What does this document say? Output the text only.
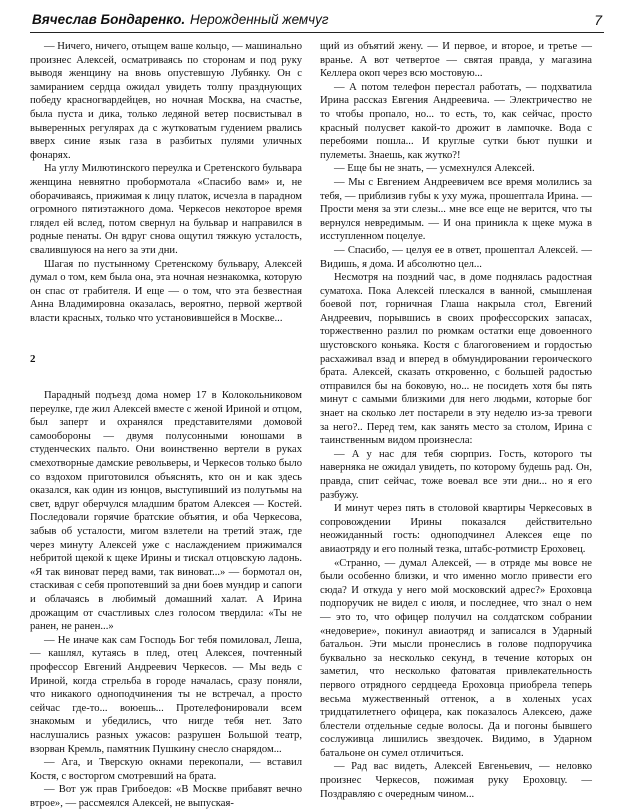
Вячеслав Бондаренко. Нерожденный жемчуг	7

— Ничего, ничего, отыщем ваше кольцо, — машинально произнес Алексей, осматриваясь по сторонам и под руку выводя женщину на вновь опустевшую Лубянку. Он с замиранием сердца ожидал увидеть толпу празднующих победу красногвардейцев, но ночная Москва, на счастье, была пуста и дика, только ледяной ветер посвистывал в выверенных регулярах да с жутковатым гудением рвались вверх синие язык газа в разбитых пулями уличных фонарях.

На углу Милютинского переулка и Сретенского бульвара женщина невнятно пробормотала «Спасибо вам» и, не оборачиваясь, прижимая к лицу платок, исчезла в парадном огромного пятиэтажного дома. Черкесов некоторое время глядел ей вслед, потом свернул на бульвар и направился в родные пенаты. Он вдруг снова ощутил тяжкую усталость, свалившуюся на него за эти дни.

Шагая по пустынному Сретенскому бульвару, Алексей думал о том, кем была она, эта ночная незнакомка, которую он спас от грабителя. И еще — о том, что эта безвестная Анна Владимировна оказалась, вероятно, первой жертвой власти красных, только что установившейся в Москве...

2

Парадный подъезд дома номер 17 в Колокольниковом переулке, где жил Алексей вместе с женой Ириной и отцом, был заперт и охранялся представителями домовой самообороны — двумя полусонными юношами в студенческих пальто. Они воинственно вертели в руках смехотворные дамские револьверы, и Черкесов только было со вздохом приготовился объяснять, кто он и как здесь оказался, как один из юнцов, выступивший из полутьмы на свет, вдруг оберчулся младшим братом Алексея — Костей. Последовали горячие братские объятия, и оба Черкесова, забыв об усталости, мигом взлетели на третий этаж, где через минуту Алексей уже с наслаждением прижимался небритой щекой к щеке Ирины и тискал отцовскую ладонь. «Я так виноват перед вами, так виноват...» — бормотал он, стаскивая с себя пропотевший за дни боев мундир и сапоги и облачаясь в любимый домашний халат. А Ирина дрожащим от счастливых слез голосом твердила: «Ты не ранен, не ранен...»

— Не иначе как сам Господь Бог тебя помиловал, Леша, — кашлял, кутаясь в плед, отец Алексея, почтенный профессор Евгений Андреевич Черкесов. — Мы ведь с Ириной, когда стрельба в городе началась, сразу поняли, что никакого одноподчинения ты не встречал, а просто сейчас где-то... воюешь... Протелефонировали всем знакомым и убедились, что нигде тебя нет. Зато наслушались разных ужасов: разрушен Большой театр, взорван Кремль, памятник Пушкину снесло снарядом...

— Ага, и Тверскую окнами перекопали, — вставил Костя, с восторгом смотревший на брата.

— Вот уж прав Грибоедов: «В Москве прибавят вечно втрое», — рассмеялся Алексей, не выпуская-

щий из объятий жену. — И первое, и второе, и третье — вранье. А вот четвертое — святая правда, у магазина Келлера окоп через всю мостовую...

— А потом телефон перестал работать, — подхватила Ирина рассказ Евгения Андреевича. — Электричество не то чтобы пропало, но... то есть, то, как сейчас, просто красный полусвет какой-то дрожит в лампочке. Вода с перебоями пошла... И круглые сутки бьют пушки и пулеметы. Знаешь, как жутко?!

— Еще бы не знать, — усмехнулся Алексей.

— Мы с Евгением Андреевичем все время молились за тебя, — приблизив губы к уху мужа, прошептала Ирина. — Прости меня за эти слезы... мне все еще не верится, что ты вернулся невредимым. — И она приникла к щеке мужа в исступленном поцелуе.

— Спасибо, — целуя ее в ответ, прошептал Алексей. — Видишь, я дома. И абсолютно цел...

Несмотря на поздний час, в доме поднялась радостная суматоха. Пока Алексей плескался в ванной, смышленая боевой пот, горничная Глаша накрыла стол, Евгений Андреевич, порывшись в своих профессорских запасах, торжественно разлил по рюмкам остатки еще довоенного шустовского коньяка. Костя с благоговением и гордостью расхаживал взад и вперед в обмундировании героического брата. Алексей, сказать откровенно, с большей радостью отправился бы на боковую, но... не посидеть хотя бы пять минут с самыми близкими для него людьми, которые бог знает на сколько лет постарели в эту неделю из-за тревоги за него?.. Перед тем, как занять место за столом, Ирина с таинственным видом произнесла:

— А у нас для тебя сюрприз. Гость, которого ты наверняка не ожидал увидеть, по которому будешь рад. Он, правда, спит сейчас, тоже воевал все эти дни... но я его разбужу.

И минут через пять в столовой квартиры Черкесовых в сопровождении Ирины показался действительно неожиданный гость: одноподчинел Алексея еще по авиаотряду и его полный тезка, штабс-ротмистр Ероховец.

«Странно, — думал Алексей, — в отряде мы вовсе не были особенно близки, и что именно могло привести его сюда? И откуда у него мой московский адрес?» Ероховца подпоручик не видел с июля, и последнее, что знал о нем — это то, что офицер получил на солдатском собрании «недоверие», покинул авиаотряд и записался в Ударный батальон. Эти мысли пронеслись в голове подпоручика буквально за несколько секунд, в течение которых он заметил, что несколько фатоватая привлекательность первого отрядного сердцееда Ероховца приобрела теперь весьма мужественный оттенок, а в холеных усах тридцатилетнего офицера, как показалось Алексею, даже блестели отдельные седые волосы. Да и погоны бывшего сослуживца лишились звездочек. Видимо, в Ударном батальоне он сумел отличиться.

— Рад вас видеть, Алексей Евгеньевич, — неловко произнес Черкесов, пожимая руку Ероховцу. — Поздравляю с очередным чином...
